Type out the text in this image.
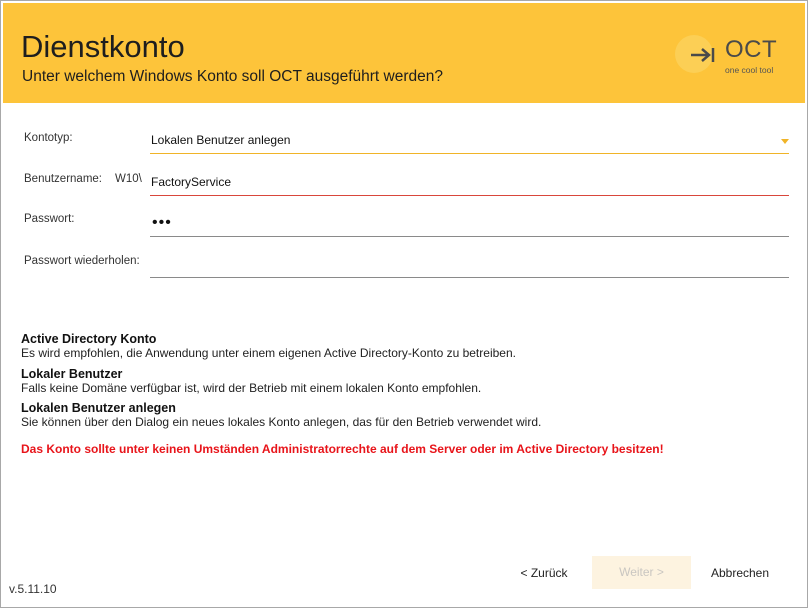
Dienstkonto
Unter welchem Windows Konto soll OCT ausgeführt werden?
OCT
one cool tool
Kontotyp:	Lokalen Benutzer anlegen
Benutzername: W10\ FactoryService
Passwort:	•••
Passwort wiederholen:
Active Directory Konto
Es wird empfohlen, die Anwendung unter einem eigenen Active Directory-Konto zu betreiben.
Lokaler Benutzer
Falls keine Domäne verfügbar ist, wird der Betrieb mit einem lokalen Konto empfohlen.
Lokalen Benutzer anlegen
Sie können über den Dialog ein neues lokales Konto anlegen, das für den Betrieb verwendet wird.
Das Konto sollte unter keinen Umständen Administratorrechte auf dem Server oder im Active Directory besitzen!
v.5.11.10
< Zurück	Weiter >	Abbrechen
